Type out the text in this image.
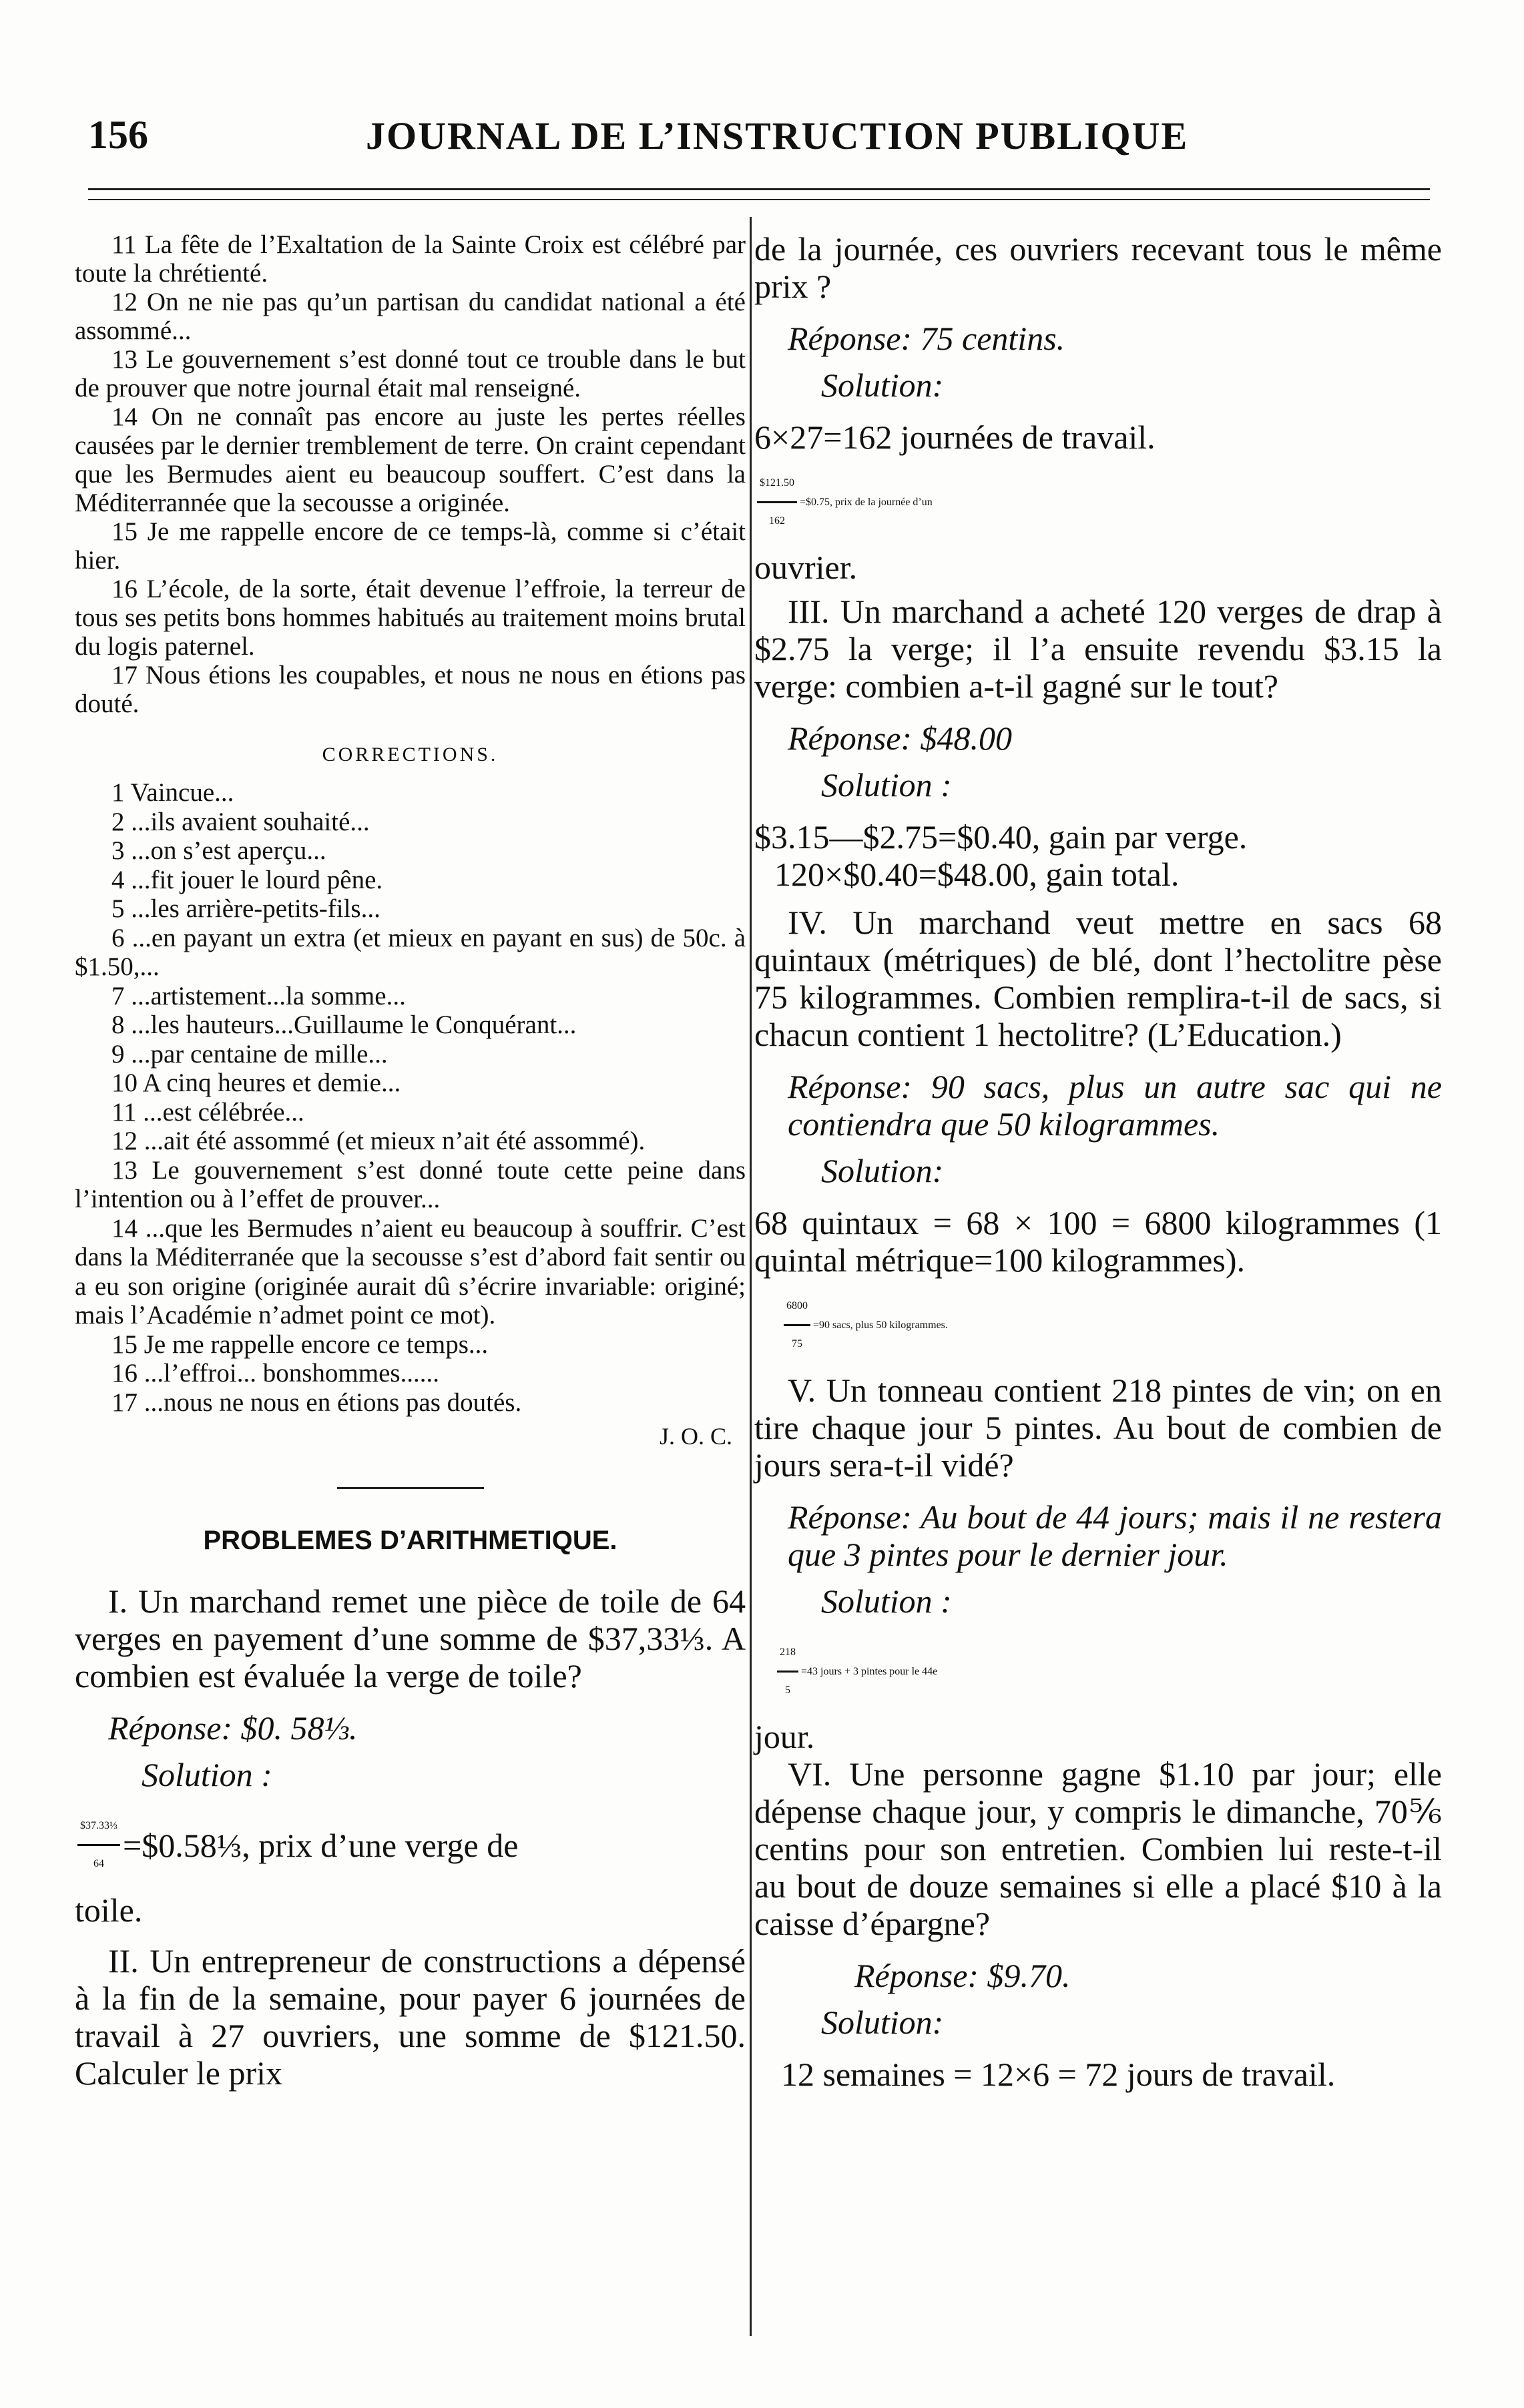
156	JOURNAL DE L’INSTRUCTION PUBLIQUE

11 La fête de l’Exaltation de la Sainte Croix est célébré par toute la chrétienté.

12 On ne nie pas qu’un partisan du candidat national a été assommé...

13 Le gouvernement s’est donné tout ce trouble dans le but de prouver que notre journal était mal renseigné.

14 On ne connaît pas encore au juste les pertes réelles causées par le dernier tremblement de terre. On craint cependant que les Bermudes aient eu beaucoup souffert. C’est dans la Méditerrannée que la secousse a originée.

15 Je me rappelle encore de ce temps-là, comme si c’était hier.

16 L’école, de la sorte, était devenue l’effroie, la terreur de tous ses petits bons hommes habitués au traitement moins brutal du logis paternel.

17 Nous étions les coupables, et nous ne nous en étions pas douté.

CORRECTIONS.

1 Vaincue...

2 ...ils avaient souhaité...

3 ...on s’est aperçu...

4 ...fit jouer le lourd pêne.

5 ...les arrière-petits-fils...

6 ...en payant un extra (et mieux en payant en sus) de 50c. à $1.50,...

7 ...artistement...la somme...

8 ...les hauteurs...Guillaume le Conquérant...

9 ...par centaine de mille...

10 A cinq heures et demie...

11 ...est célébrée...

12 ...ait été assommé (et mieux n’ait été assommé).

13 Le gouvernement s’est donné toute cette peine dans l’intention ou à l’effet de prouver...

14 ...que les Bermudes n’aient eu beaucoup à souffrir. C’est dans la Méditerranée que la secousse s’est d’abord fait sentir ou a eu son origine (originée aurait dû s’écrire invariable: originé; mais l’Académie n’admet point ce mot).

15 Je me rappelle encore ce temps...

16 ...l’effroi... bonshommes......

17 ...nous ne nous en étions pas doutés.

J. O. C.
PROBLEMES D’ARITHMETIQUE.

I. Un marchand remet une pièce de toile de 64 verges en payement d’une somme de $37,33⅓. A combien est évaluée la verge de toile?

Réponse: $0. 58⅓.

Solution :

$\frac{\text{\$37.33⅓}}{64}$ =$0.58⅓, prix d’une verge de

toile.

II. Un entrepreneur de constructions a dépensé à la fin de la semaine, pour payer 6 journées de travail à 27 ouvriers, une somme de $121.50. Calculer le prix

de la journée, ces ouvriers recevant tous le même prix ?

Réponse: 75 centins.

Solution:

6×27=162 journées de travail.

$\frac{\$121.50}{162}$ =$0.75, prix de la journée d’un

ouvrier.

III. Un marchand a acheté 120 verges de drap à $2.75 la verge; il l’a ensuite revendu $3.15 la verge: combien a-t-il gagné sur le tout?

Réponse: $48.00

Solution :

$3.15—$2.75=$0.40, gain par verge.

120×$0.40=$48.00, gain total.

IV. Un marchand veut mettre en sacs 68 quintaux (métriques) de blé, dont l’hectolitre pèse 75 kilogrammes. Combien remplira-t-il de sacs, si chacun contient 1 hectolitre? (L’Education.)

Réponse: 90 sacs, plus un autre sac qui ne contiendra que 50 kilogrammes.

Solution:

68 quintaux = 68 × 100 = 6800 kilogrammes (1 quintal métrique=100 kilogrammes).

$\frac{6800}{75} =90$ sacs, plus 50 kilogrammes.

V. Un tonneau contient 218 pintes de vin; on en tire chaque jour 5 pintes. Au bout de combien de jours sera-t-il vidé?

Réponse: Au bout de 44 jours; mais il ne restera que 3 pintes pour le dernier jour.

Solution :

$\frac{218}{5} =43$ jours + 3 pintes pour le 44e

jour.

VI. Une personne gagne $1.10 par jour; elle dépense chaque jour, y compris le dimanche, 70⅚ centins pour son entretien. Combien lui reste-t-il au bout de douze semaines si elle a placé $10 à la caisse d’épargne?

Réponse: $9.70.

Solution:

12 semaines = 12×6 = 72 jours de travail.
